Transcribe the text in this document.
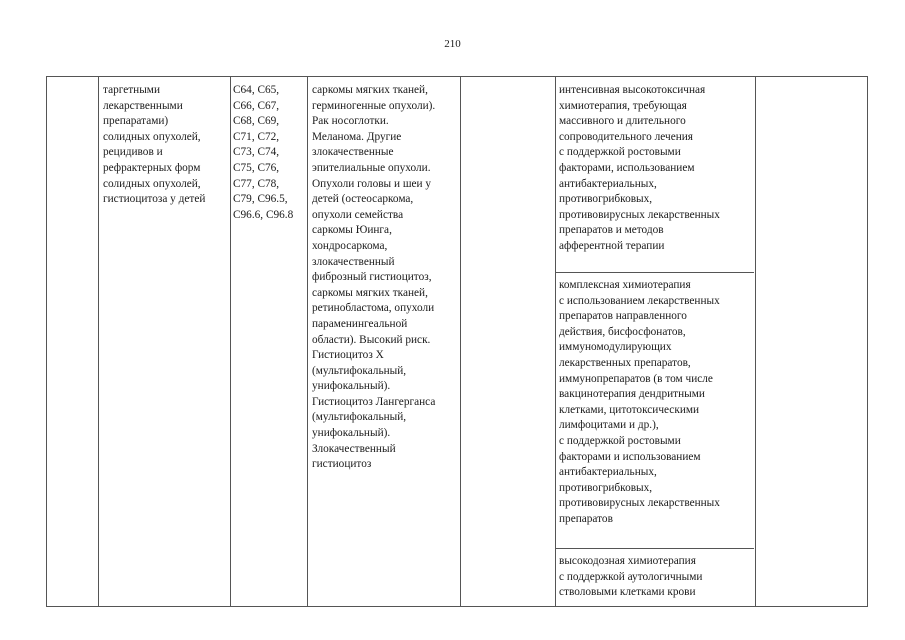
210
таргетными
лекарственными
препаратами)
солидных опухолей,
рецидивов и
рефрактерных форм
солидных опухолей,
гистиоцитоза у детей
C64, C65,
C66, C67,
C68, C69,
C71, C72,
C73, C74,
C75, C76,
C77, C78,
C79, C96.5,
C96.6, C96.8
саркомы мягких тканей,
герминогенные опухоли).
Рак носоглотки.
Меланома. Другие
злокачественные
эпителиальные опухоли.
Опухоли головы и шеи у
детей (остеосаркома,
опухоли семейства
саркомы Юинга,
хондросаркома,
злокачественный
фиброзный гистиоцитоз,
саркомы мягких тканей,
ретинобластома, опухоли
параменингеальной
области). Высокий риск.
Гистиоцитоз Х
(мультифокальный,
унифокальный).
Гистиоцитоз Лангерганса
(мультифокальный,
унифокальный).
Злокачественный
гистиоцитоз
интенсивная высокотоксичная
химиотерапия, требующая
массивного и длительного
сопроводительного лечения
с поддержкой ростовыми
факторами, использованием
антибактериальных,
противогрибковых,
противовирусных лекарственных
препаратов и методов
афферентной терапии
комплексная химиотерапия
с использованием лекарственных
препаратов направленного
действия, бисфосфонатов,
иммуномодулирующих
лекарственных препаратов,
иммунопрепаратов (в том числе
вакцинотерапия дендритными
клетками, цитотоксическими
лимфоцитами и др.),
с поддержкой ростовыми
факторами и использованием
антибактериальных,
противогрибковых,
противовирусных лекарственных
препаратов
высокодозная химиотерапия
с поддержкой аутологичными
стволовыми клетками крови
